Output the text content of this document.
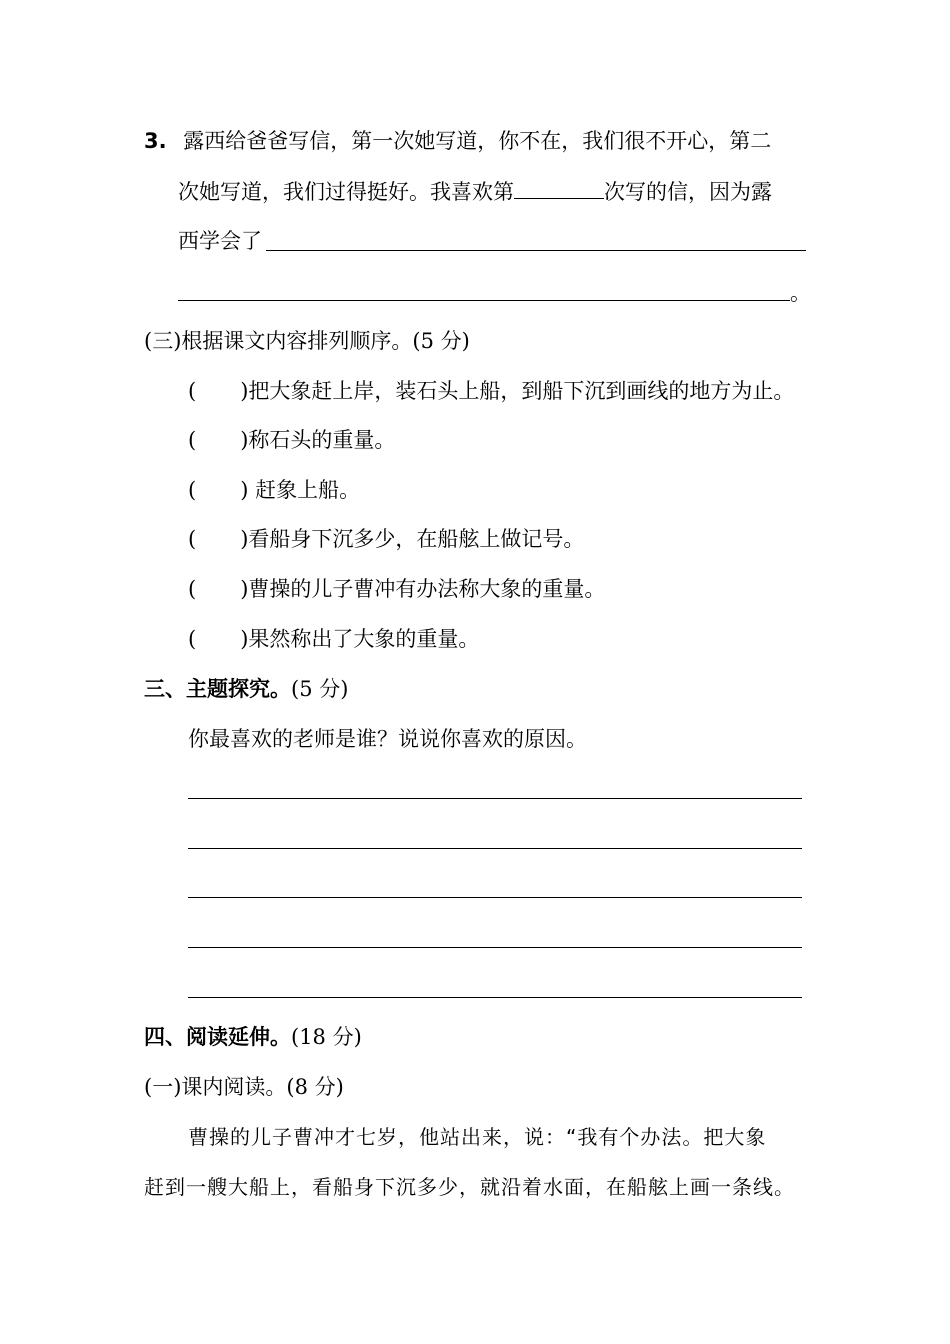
3. 露西给爸爸写信，第一次她写道，你不在，我们很不开心，第二
次她写道，我们过得挺好。我喜欢第	次写的信，因为露
西学会了
。
(三)根据课文内容排列顺序。(5 分)
( )把大象赶上岸，装石头上船，到船下沉到画线的地方为止。
( )称石头的重量。
( ) 赶象上船。
( )看船身下沉多少，在船舷上做记号。
( )曹操的儿子曹冲有办法称大象的重量。
( )果然称出了大象的重量。
三、主题探究。(5 分)
你最喜欢的老师是谁？说说你喜欢的原因。
四、阅读延伸。(18 分)
(一)课内阅读。(8 分)
曹操的儿子曹冲才七岁，他站出来，说：“我有个办法。把大象
赶到一艘大船上，看船身下沉多少，就沿着水面，在船舷上画一条线。
